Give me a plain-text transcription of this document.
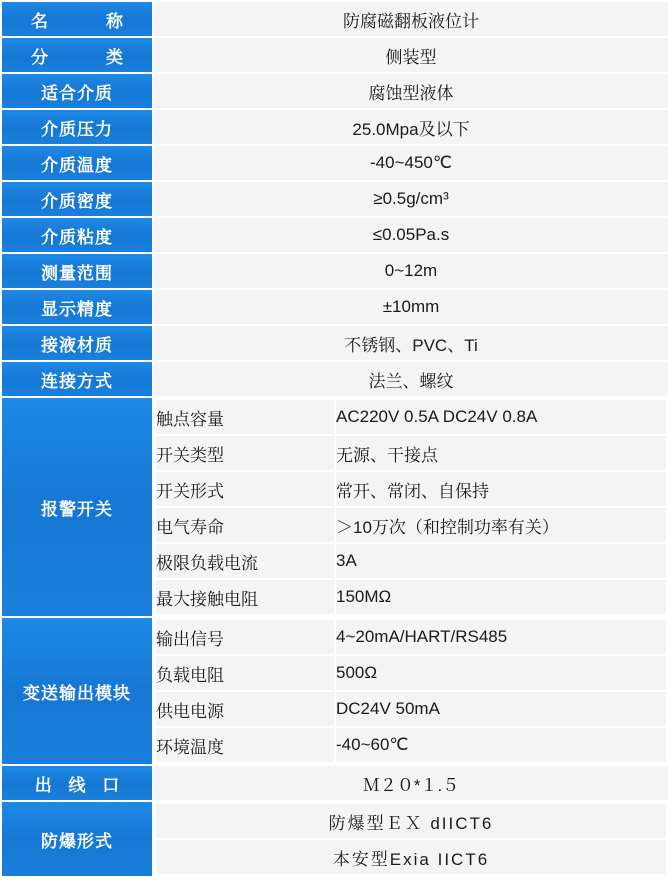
名　　称	防腐磁翻板液位计
分　　类	侧装型
适合介质	腐蚀型液体
介质压力	25.0Mpa及以下
介质温度	-40~450℃
介质密度	≥0.5g/cm³
介质粘度	≤0.05Pa.s
测量范围	0~12m
显示精度	±10mm
接液材质	不锈钢、PVC、Ti
连接方式	法兰、螺纹
报警开关	
触点容量	AC220V 0.5A DC24V 0.8A
开关类型	无源、干接点
开关形式	常开、常闭、自保持
电气寿命	＞10万次（和控制功率有关）
极限负载电流	3A
最大接触电阻	150MΩ

变送输出模块	
输出信号	4~20mA/HART/RS485
负载电阻	500Ω
供电电源	DC24V 50mA
环境温度	-40~60℃

出 线 口	Ｍ２０*１.５
防爆形式	
防爆型ＥＸ dIICT6
本安型Exia IICT6
